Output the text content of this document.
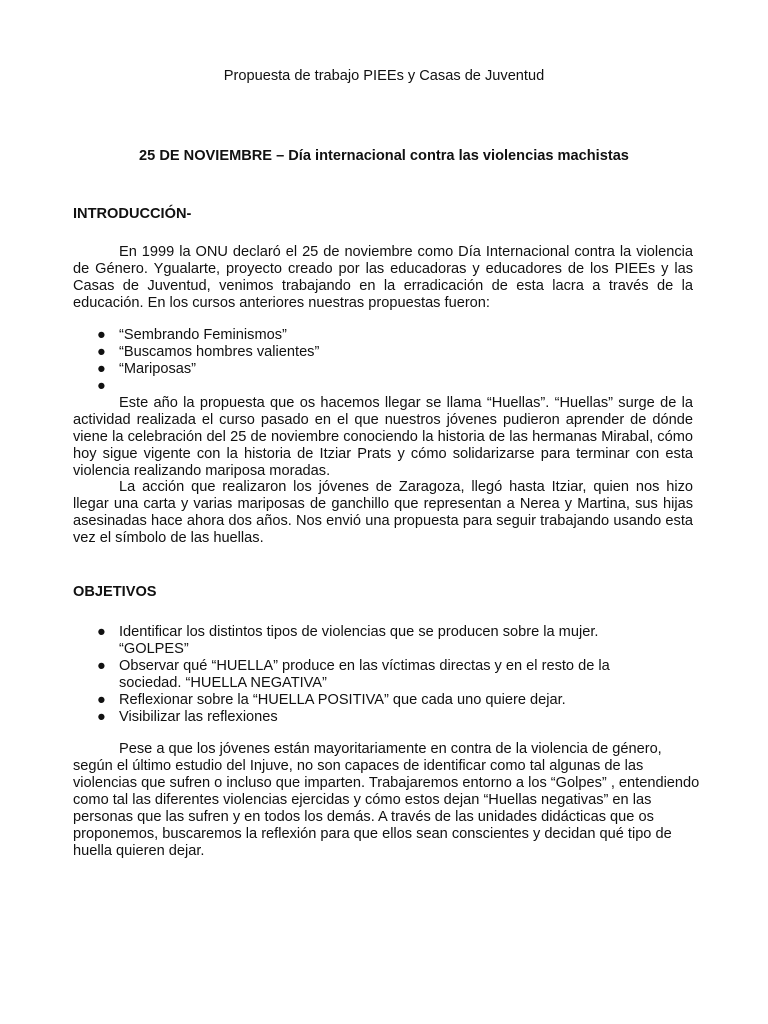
Propuesta de trabajo PIEEs y Casas de Juventud
25 DE NOVIEMBRE – Día internacional contra las violencias machistas
INTRODUCCIÓN-

En 1999 la ONU declaró el 25 de noviembre como Día Internacional contra la violencia de Género. Ygualarte, proyecto creado por las educadoras y educadores de los PIEEs y las Casas de Juventud, venimos trabajando en la erradicación de esta lacra a través de la educación. En los cursos anteriores nuestras propuestas fueron:

● “Sembrando Feminismos”
● “Buscamos hombres valientes”
● “Mariposas”
●

Este año la propuesta que os hacemos llegar se llama “Huellas”. “Huellas” surge de la actividad realizada el curso pasado en el que nuestros jóvenes pudieron aprender de dónde viene la celebración del 25 de noviembre conociendo la historia de las hermanas Mirabal, cómo hoy sigue vigente con la historia de Itziar Prats y cómo solidarizarse para terminar con esta violencia realizando mariposa moradas.

La acción que realizaron los jóvenes de Zaragoza, llegó hasta Itziar, quien nos hizo llegar una carta y varias mariposas de ganchillo que representan a Nerea y Martina, sus hijas asesinadas hace ahora dos años. Nos envió una propuesta para seguir trabajando usando esta vez el símbolo de las huellas.

OBJETIVOS
● Identificar los distintos tipos de violencias que se producen sobre la mujer. “GOLPES”
● Observar qué “HUELLA” produce en las víctimas directas y en el resto de la sociedad. “HUELLA NEGATIVA”
● Reflexionar sobre la “HUELLA POSITIVA” que cada uno quiere dejar.
● Visibilizar las reflexiones

Pese a que los jóvenes están mayoritariamente en contra de la violencia de género, según el último estudio del Injuve, no son capaces de identificar como tal algunas de las violencias que sufren o incluso que imparten. Trabajaremos entorno a los “Golpes” , entendiendo como tal las diferentes violencias ejercidas y cómo estos dejan “Huellas negativas” en las personas que las sufren y en todos los demás. A través de las unidades didácticas que os proponemos, buscaremos la reflexión para que ellos sean conscientes y decidan qué tipo de huella quieren dejar.
